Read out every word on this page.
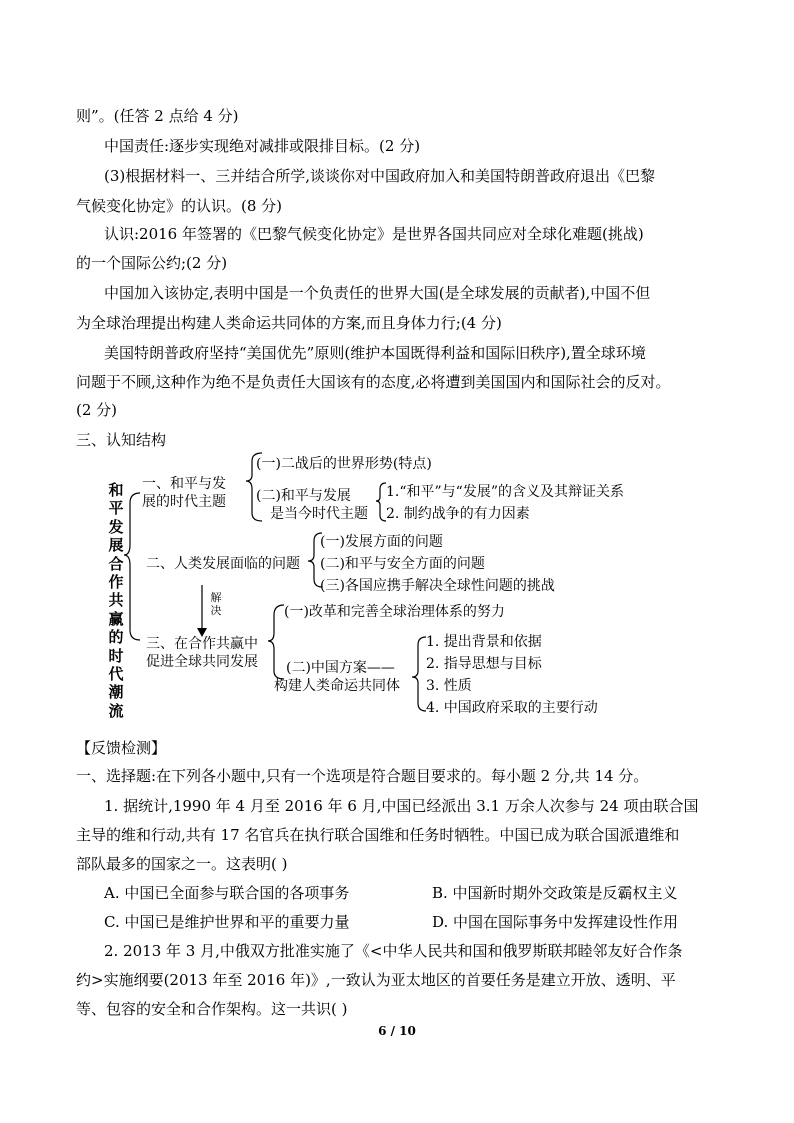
则”。(任答 2 点给 4 分)
中国责任:逐步实现绝对减排或限排目标。(2 分)
(3)根据材料一、三并结合所学,谈谈你对中国政府加入和美国特朗普政府退出《巴黎
气候变化协定》的认识。(8 分)
认识:2016 年签署的《巴黎气候变化协定》是世界各国共同应对全球化难题(挑战)
的一个国际公约;(2 分)
中国加入该协定,表明中国是一个负责任的世界大国(是全球发展的贡献者),中国不但
为全球治理提出构建人类命运共同体的方案,而且身体力行;(4 分)
美国特朗普政府坚持“美国优先”原则(维护本国既得利益和国际旧秩序),置全球环境
问题于不顾,这种作为绝不是负责任大国该有的态度,必将遭到美国国内和国际社会的反对。
(2 分)
三、认知结构
和平发展合作共赢的时代潮流
一、和平与发
展的时代主题
(一)二战后的世界形势(特点)
(二)和平与发展
是当今时代主题
1.“和平”与“发展”的含义及其辩证关系
2. 制约战争的有力因素
二、人类发展面临的问题
(一)发展方面的问题
(二)和平与安全方面的问题
(三)各国应携手解决全球性问题的挑战
解决
三、在合作共赢中
促进全球共同发展
(一)改革和完善全球治理体系的努力
(二)中国方案——
构建人类命运共同体
1. 提出背景和依据
2. 指导思想与目标
3. 性质
4. 中国政府采取的主要行动
【反馈检测】
一、选择题:在下列各小题中,只有一个选项是符合题目要求的。每小题 2 分,共 14 分。
1. 据统计,1990 年 4 月至 2016 年 6 月,中国已经派出 3.1 万余人次参与 24 项由联合国
主导的维和行动,共有 17 名官兵在执行联合国维和任务时牺牲。中国已成为联合国派遣维和
部队最多的国家之一。这表明( )
A. 中国已全面参与联合国的各项事务	B. 中国新时期外交政策是反霸权主义
C. 中国已是维护世界和平的重要力量	D. 中国在国际事务中发挥建设性作用
2. 2013 年 3 月,中俄双方批准实施了《<中华人民共和国和俄罗斯联邦睦邻友好合作条
约>实施纲要(2013 年至 2016 年)》,一致认为亚太地区的首要任务是建立开放、透明、平
等、包容的安全和合作架构。这一共识( )
6 / 10
